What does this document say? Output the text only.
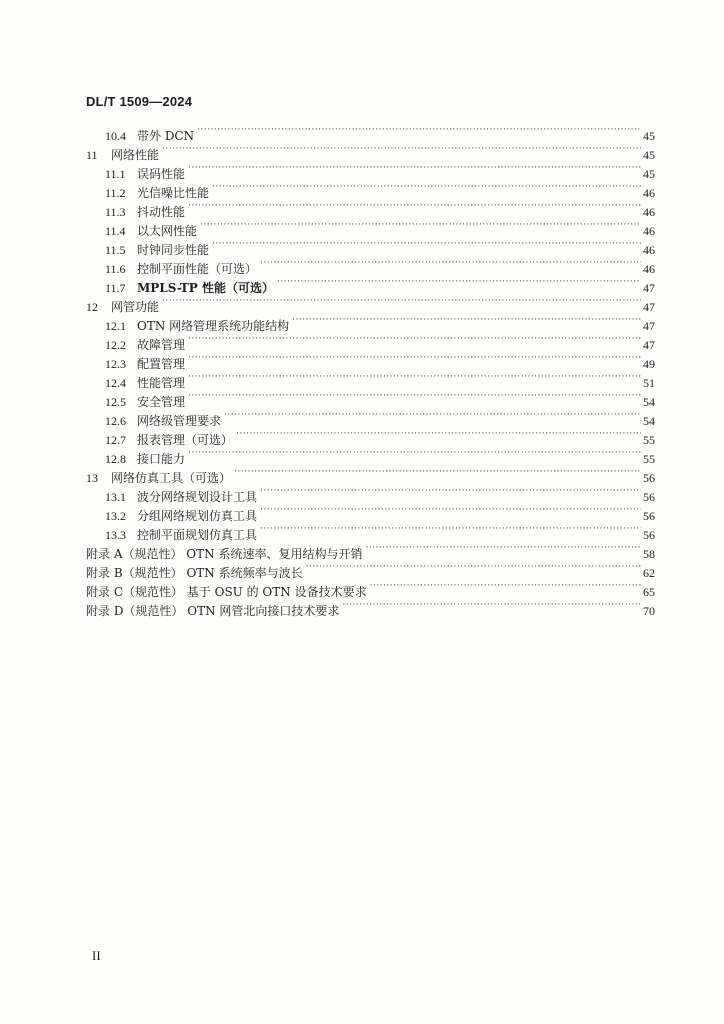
DL/T 1509—2024
10.4 带外 DCN ·····	45
11	网络性能 ·····	45
11.1 误码性能 ·····	45
11.2 光信噪比性能 ·····	46
11.3 抖动性能 ·····	46
11.4 以太网性能 ·····	46
11.5 时钟同步性能 ·····	46
11.6 控制平面性能（可选） ·····	46
11.7 MPLS-TP 性能（可选） ·····	47
12	网管功能 ·····	47
12.1 OTN 网络管理系统功能结构 ·····	47
12.2 故障管理 ·····	47
12.3 配置管理 ·····	49
12.4 性能管理 ·····	51
12.5 安全管理 ·····	54
12.6 网络级管理要求 ·····	54
12.7 报表管理（可选） ·····	55
12.8 接口能力 ·····	55
13	网络仿真工具（可选） ·····	56
13.1 波分网络规划设计工具 ·····	56
13.2 分组网络规划仿真工具 ·····	56
13.3 控制平面规划仿真工具 ·····	56
附录 A（规范性） OTN 系统速率、复用结构与开销 ·····	58
附录 B（规范性） OTN 系统频率与波长 ·····	62
附录 C（规范性） 基于 OSU 的 OTN 设备技术要求 ·····	65
附录 D（规范性） OTN 网管北向接口技术要求 ·····	70
II
